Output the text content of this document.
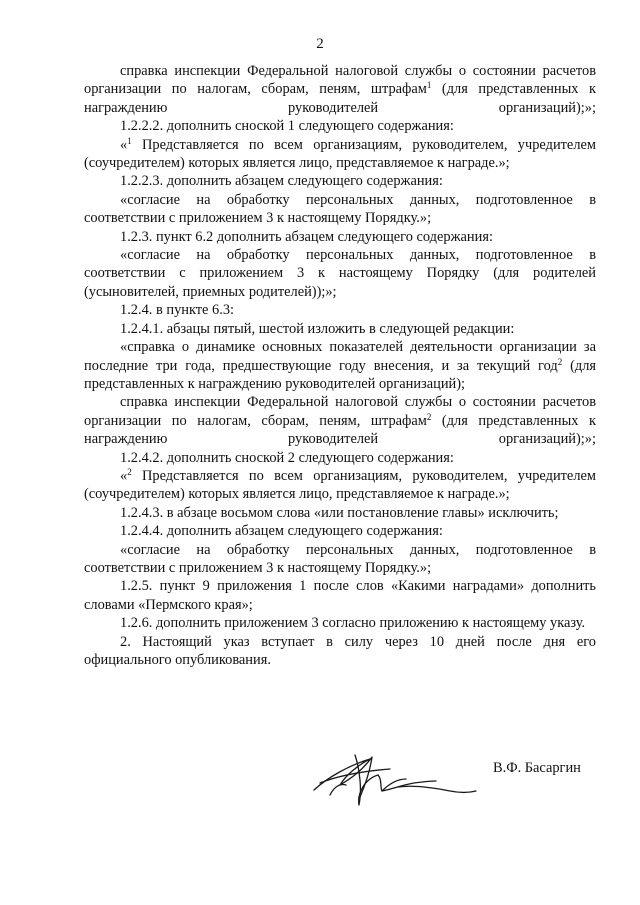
2

справка инспекции Федеральной налоговой службы о состоянии расчетов организации по налогам, сборам, пеням, штрафам$^1$ (для представленных к награждению руководителей организаций);»;

1.2.2.2. дополнить сноской 1 следующего содержания:

«$^1$ Представляется по всем организациям, руководителем, учредителем (соучредителем) которых является лицо, представляемое к награде.»;

1.2.2.3. дополнить абзацем следующего содержания:

«согласие на обработку персональных данных, подготовленное в соответствии с приложением 3 к настоящему Порядку.»;

1.2.3. пункт 6.2 дополнить абзацем следующего содержания:

«согласие на обработку персональных данных, подготовленное в соответствии с приложением 3 к настоящему Порядку (для родителей (усыновителей, приемных родителей));»;

1.2.4. в пункте 6.3:

1.2.4.1. абзацы пятый, шестой изложить в следующей редакции:

«справка о динамике основных показателей деятельности организации за последние три года, предшествующие году внесения, и за текущий год$^2$ (для представленных к награждению руководителей организаций);

справка инспекции Федеральной налоговой службы о состоянии расчетов организации по налогам, сборам, пеням, штрафам$^2$ (для представленных к награждению руководителей организаций);»;

1.2.4.2. дополнить сноской 2 следующего содержания:

«$^2$ Представляется по всем организациям, руководителем, учредителем (соучредителем) которых является лицо, представляемое к награде.»;

1.2.4.3. в абзаце восьмом слова «или постановление главы» исключить;

1.2.4.4. дополнить абзацем следующего содержания:

«согласие на обработку персональных данных, подготовленное в соответствии с приложением 3 к настоящему Порядку.»;

1.2.5. пункт 9 приложения 1 после слов «Какими наградами» дополнить словами «Пермского края»;

1.2.6. дополнить приложением 3 согласно приложению к настоящему указу.

2. Настоящий указ вступает в силу через 10 дней после дня его официального опубликования.

В.Ф. Басаргин
